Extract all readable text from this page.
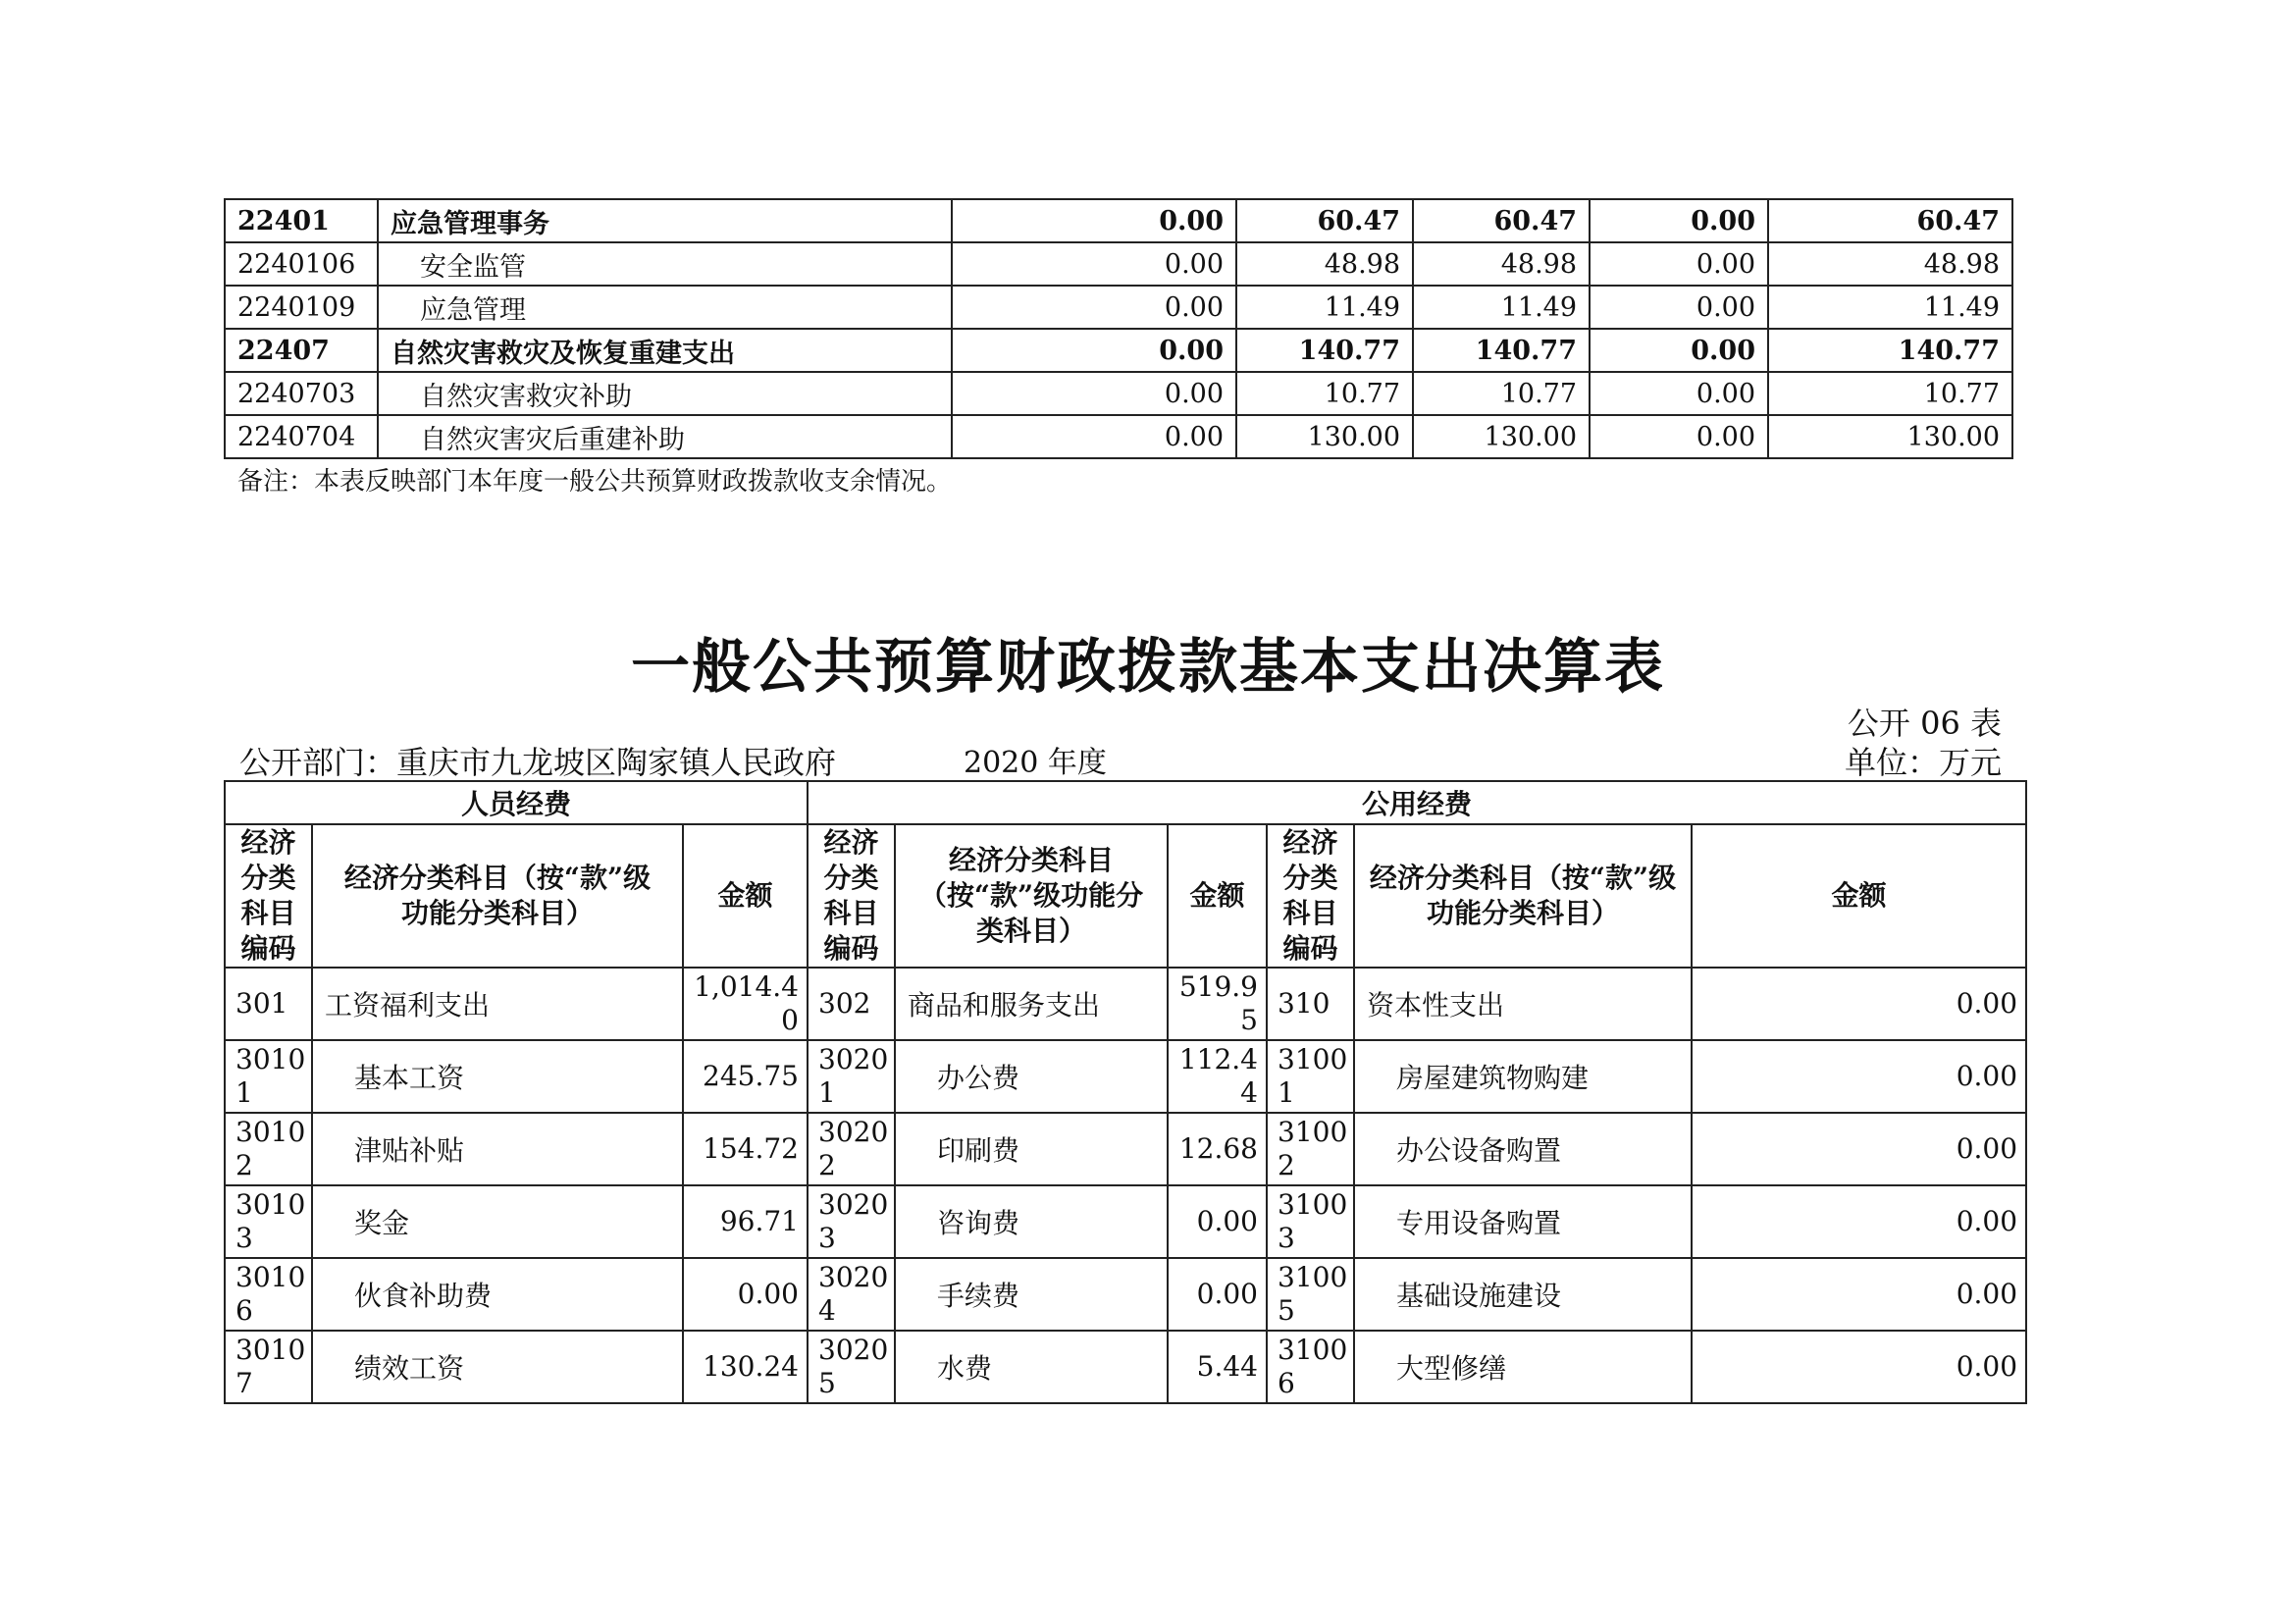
22401	应急管理事务	0.00	60.47	60.47	0.00	60.47	
2240106	安全监管	0.00	48.98	48.98	0.00	48.98	
2240109	应急管理	0.00	11.49	11.49	0.00	11.49	
22407	自然灾害救灾及恢复重建支出	0.00	140.77	140.77	0.00	140.77	
2240703	自然灾害救灾补助	0.00	10.77	10.77	0.00	10.77	
2240704	自然灾害灾后重建补助	0.00	130.00	130.00	0.00	130.00	
备注：本表反映部门本年度一般公共预算财政拨款收支余情况。
一般公共预算财政拨款基本支出决算表
公开 06 表
公开部门：重庆市九龙坡区陶家镇人民政府	2020 年度	单位：万元
人员经费			公用经费					
经济分类科目编码	经济分类科目（按“款”级功能分类科目）	金额	经济分类科目编码	经济分类科目（按“款”级功能分类科目）	金额	经济分类科目编码	经济分类科目（按“款”级功能分类科目）	金额
301	工资福利支出	1,014.40	302	商品和服务支出	519.95	310	资本性支出	0.00
30101	基本工资	245.75	30201	办公费	112.44	31001	房屋建筑物购建	0.00
30102	津贴补贴	154.72	30202	印刷费	12.68	31002	办公设备购置	0.00
30103	奖金	96.71	30203	咨询费	0.00	31003	专用设备购置	0.00
30106	伙食补助费	0.00	30204	手续费	0.00	31005	基础设施建设	0.00
30107	绩效工资	130.24	30205	水费	5.44	31006	大型修缮	0.00
